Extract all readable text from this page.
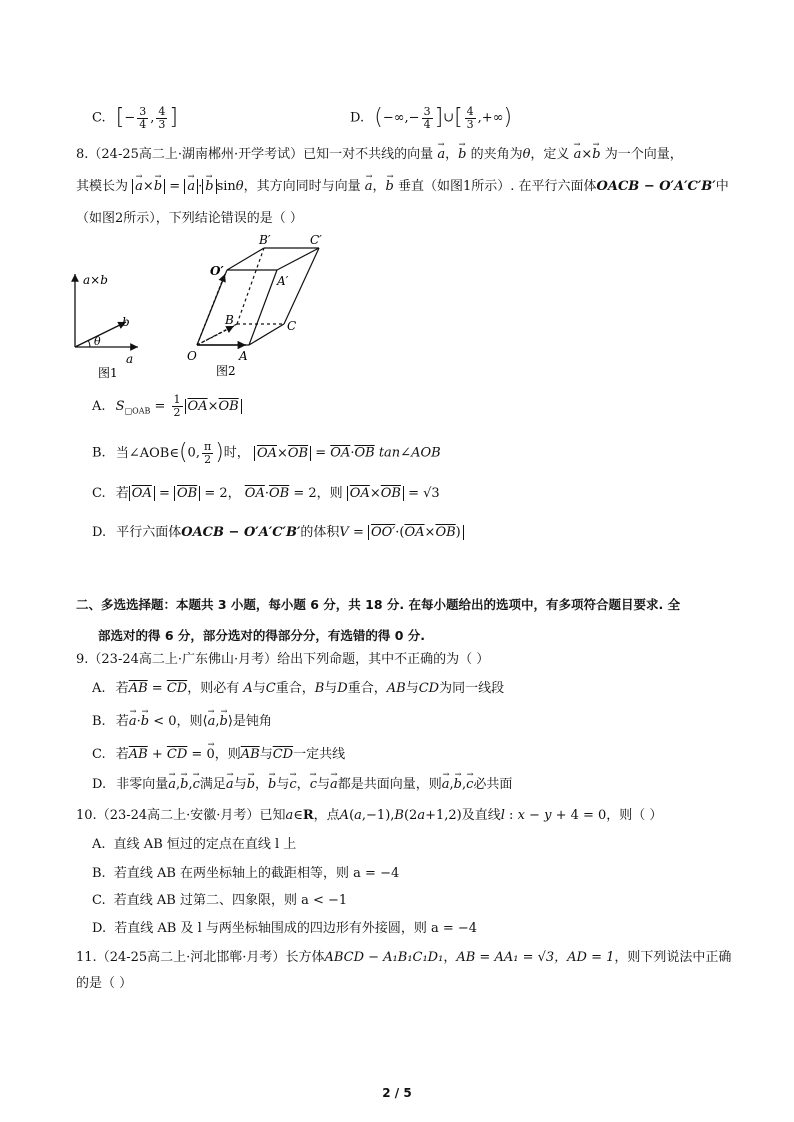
C. [− $\frac{3}{4}$ , $\frac{4}{3}$ ]	D. (−∞,− $\frac{3}{4}$ ]∪[ $\frac{4}{3}$ ,+∞)
8.（24-25高二上·湖南郴州·开学考试）已知一对不共线的向量 → a，→ b 的夹角为θ，定义 → a×→ b 为一个向量，
其模长为 → a×→ b = → a · → b sinθ，其方向同时与向量 → a，→ b 垂直（如图1所示）. 在平行六面体OACB − O′A′C′B′中
（如图2所示），下列结论错误的是（ ）
a×b
b
θ
a
图1
O	A
C
B
O′
A′
B′	C′
图2
A. $S_{□OAB} = \frac{1}{2} \overline{OA}\times\overline{OB}$
B. 当∠AOB∈(0, $\frac{\pi}{2}$ )时， $\overline{OA}\times\overline{OB} = \overline{OA}\cdot\overline{OB}$ tan∠AOB
C. 若 $\overline{OA} = \overline{OB} = 2$， $\overline{OA}\cdot\overline{OB} = 2$，则 $\overline{OA}\times\overline{OB} = √3$
D. 平行六面体OACB − O′A′C′B′的体积$V = OO'\cdot(\overline{OA}\times\overline{OB})$
二、多选选择题：本题共 3 小题，每小题 6 分，共 18 分. 在每小题给出的选项中，有多项符合题目要求. 全
部选对的得 6 分，部分选对的得部分分，有选错的得 0 分.
9.（23-24高二上·广东佛山·月考）给出下列命题，其中不正确的为（ ）
A. 若$\overline{AB} = \overline{CD}$，则必有 A与C重合，B与D重合，AB与CD为同一线段
B. 若→ a·→ b < 0，则⟨→ a,→ b⟩是钝角
C. 若$\overline{AB} + \overline{CD}$ = → 0，则$\overline{AB}$与$\overline{CD}$一定共线
D. 非零向量→ a,→ b,→ c满足→ a与→ b，→ b与→ c，→ c与→ a都是共面向量，则→ a,→ b,→ c必共面
10.（23-24高二上·安徽·月考）已知a∈R，点A(a,−1),B(2a+1,2)及直线l : x − y + 4 = 0，则（ ）
A. 直线 AB 恒过的定点在直线 l 上
B. 若直线 AB 在两坐标轴上的截距相等，则 a = −4
C. 若直线 AB 过第二、四象限，则 a < −1
D. 若直线 AB 及 l 与两坐标轴围成的四边形有外接圆，则 a = −4
11.（24-25高二上·河北邯郸·月考）长方体ABCD − A₁B₁C₁D₁，AB = AA₁ = √3，AD = 1，则下列说法中正确
的是（ ）
2 / 5
